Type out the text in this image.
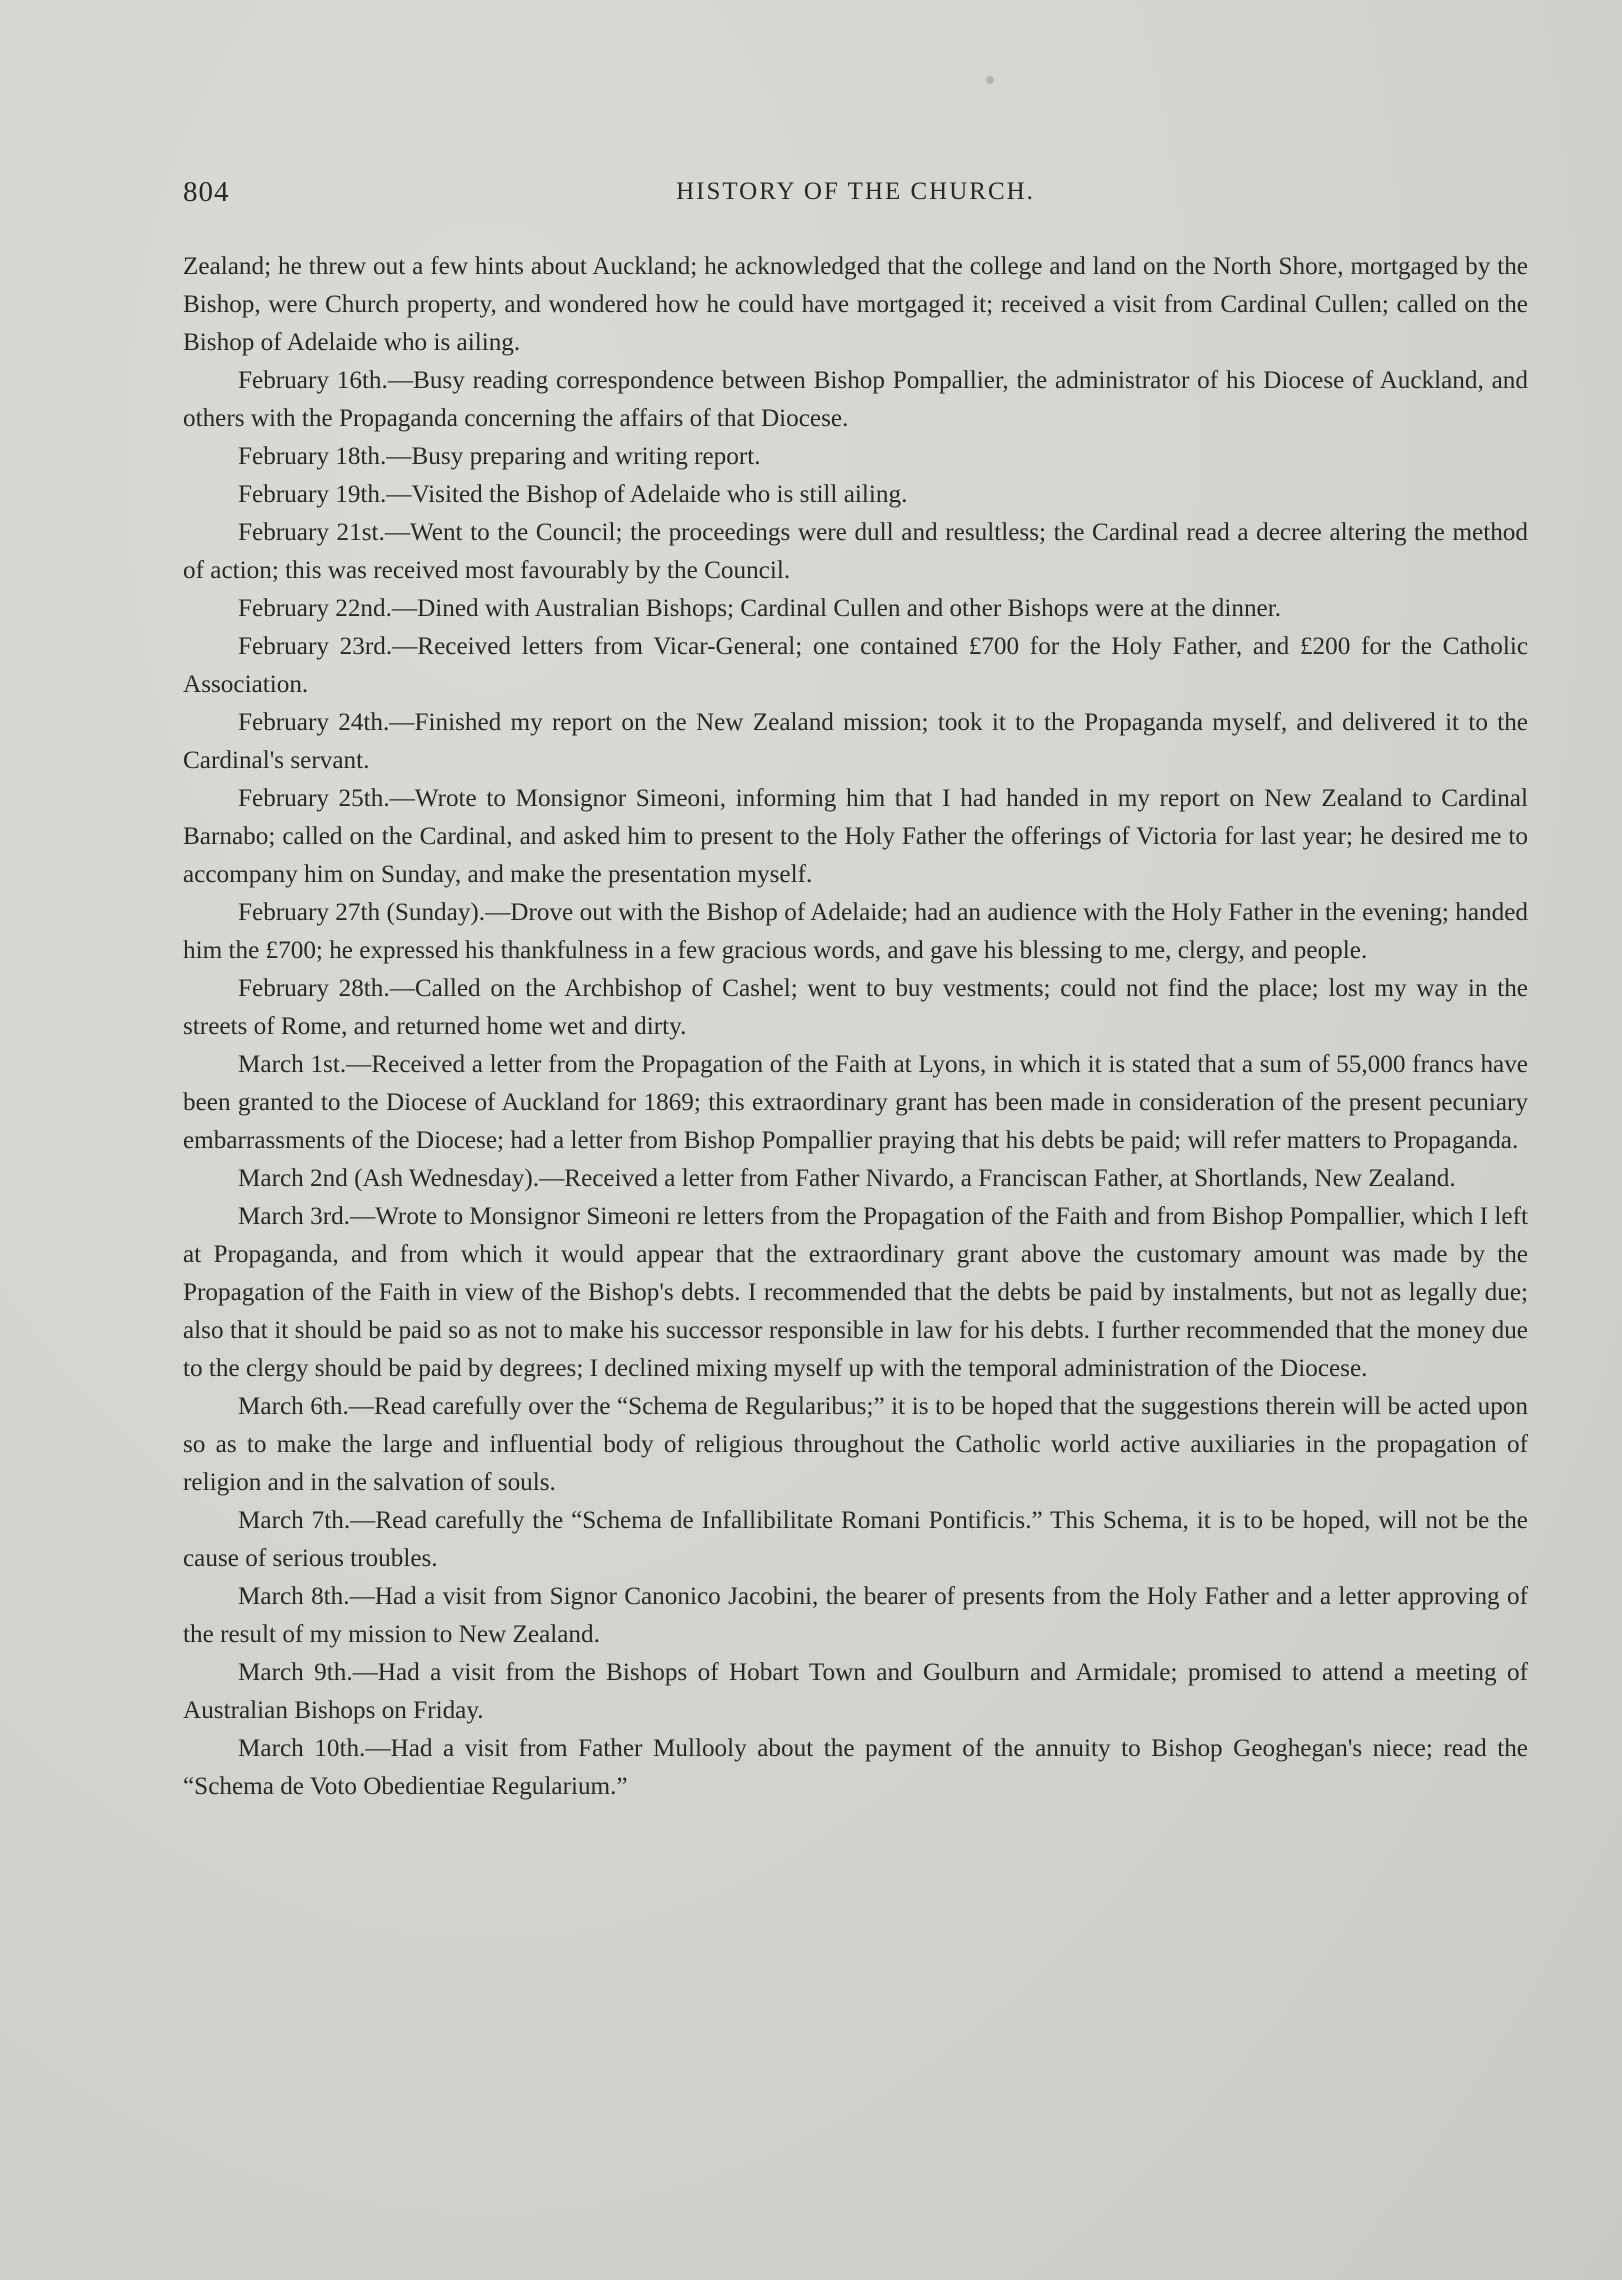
804	HISTORY OF THE CHURCH.

Zealand; he threw out a few hints about Auckland; he acknowledged that the college and land on the North Shore, mortgaged by the Bishop, were Church property, and wondered how he could have mortgaged it; received a visit from Cardinal Cullen; called on the Bishop of Adelaide who is ailing.

February 16th.—Busy reading correspondence between Bishop Pompallier, the administrator of his Diocese of Auckland, and others with the Propaganda concerning the affairs of that Diocese.

February 18th.—Busy preparing and writing report.

February 19th.—Visited the Bishop of Adelaide who is still ailing.

February 21st.—Went to the Council; the proceedings were dull and resultless; the Cardinal read a decree altering the method of action; this was received most favourably by the Council.

February 22nd.—Dined with Australian Bishops; Cardinal Cullen and other Bishops were at the dinner.

February 23rd.—Received letters from Vicar-General; one contained £700 for the Holy Father, and £200 for the Catholic Association.

February 24th.—Finished my report on the New Zealand mission; took it to the Propaganda myself, and delivered it to the Cardinal's servant.

February 25th.—Wrote to Monsignor Simeoni, informing him that I had handed in my report on New Zealand to Cardinal Barnabo; called on the Cardinal, and asked him to present to the Holy Father the offerings of Victoria for last year; he desired me to accompany him on Sunday, and make the presentation myself.

February 27th (Sunday).—Drove out with the Bishop of Adelaide; had an audience with the Holy Father in the evening; handed him the £700; he expressed his thankfulness in a few gracious words, and gave his blessing to me, clergy, and people.

February 28th.—Called on the Archbishop of Cashel; went to buy vestments; could not find the place; lost my way in the streets of Rome, and returned home wet and dirty.

March 1st.—Received a letter from the Propagation of the Faith at Lyons, in which it is stated that a sum of 55,000 francs have been granted to the Diocese of Auckland for 1869; this extraordinary grant has been made in consideration of the present pecuniary embarrassments of the Diocese; had a letter from Bishop Pompallier praying that his debts be paid; will refer matters to Propaganda.

March 2nd (Ash Wednesday).—Received a letter from Father Nivardo, a Franciscan Father, at Shortlands, New Zealand.

March 3rd.—Wrote to Monsignor Simeoni re letters from the Propagation of the Faith and from Bishop Pompallier, which I left at Propaganda, and from which it would appear that the extraordinary grant above the customary amount was made by the Propagation of the Faith in view of the Bishop's debts. I recommended that the debts be paid by instalments, but not as legally due; also that it should be paid so as not to make his successor responsible in law for his debts. I further recommended that the money due to the clergy should be paid by degrees; I declined mixing myself up with the temporal administration of the Diocese.

March 6th.—Read carefully over the “Schema de Regularibus;” it is to be hoped that the suggestions therein will be acted upon so as to make the large and influential body of religious throughout the Catholic world active auxiliaries in the propagation of religion and in the salvation of souls.

March 7th.—Read carefully the “Schema de Infallibilitate Romani Pontificis.” This Schema, it is to be hoped, will not be the cause of serious troubles.

March 8th.—Had a visit from Signor Canonico Jacobini, the bearer of presents from the Holy Father and a letter approving of the result of my mission to New Zealand.

March 9th.—Had a visit from the Bishops of Hobart Town and Goulburn and Armidale; promised to attend a meeting of Australian Bishops on Friday.

March 10th.—Had a visit from Father Mullooly about the payment of the annuity to Bishop Geoghegan's niece; read the “Schema de Voto Obedientiae Regularium.”
